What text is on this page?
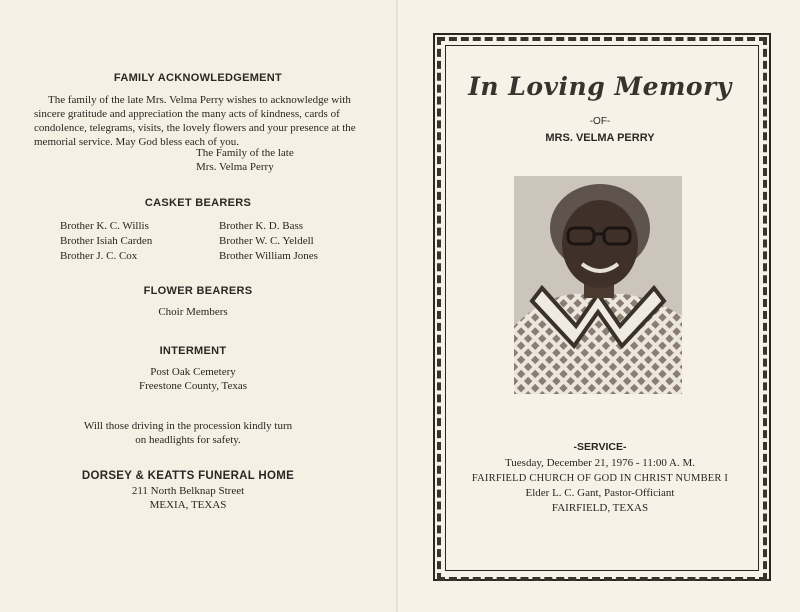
FAMILY ACKNOWLEDGEMENT
The family of the late Mrs. Velma Perry wishes to acknowledge with sincere gratitude and appreciation the many acts of kindness, cards of condolence, telegrams, visits, the lovely flowers and your presence at the memorial service. May God bless each of you.
The Family of the late
Mrs. Velma Perry
CASKET BEARERS
Brother K. C. Willis
Brother Isiah Carden
Brother J. C. Cox
Brother K. D. Bass
Brother W. C. Yeldell
Brother William Jones
FLOWER BEARERS
Choir Members
INTERMENT
Post Oak Cemetery
Freestone County, Texas
Will those driving in the procession kindly turn
on headlights for safety.
DORSEY & KEATTS FUNERAL HOME
211 North Belknap Street
MEXIA, TEXAS
In Loving Memory
-OF-
MRS. VELMA PERRY
-SERVICE-
Tuesday, December 21, 1976 - 11:00 A. M.
FAIRFIELD CHURCH OF GOD IN CHRIST NUMBER I
Elder L. C. Gant, Pastor-Officiant
FAIRFIELD, TEXAS
